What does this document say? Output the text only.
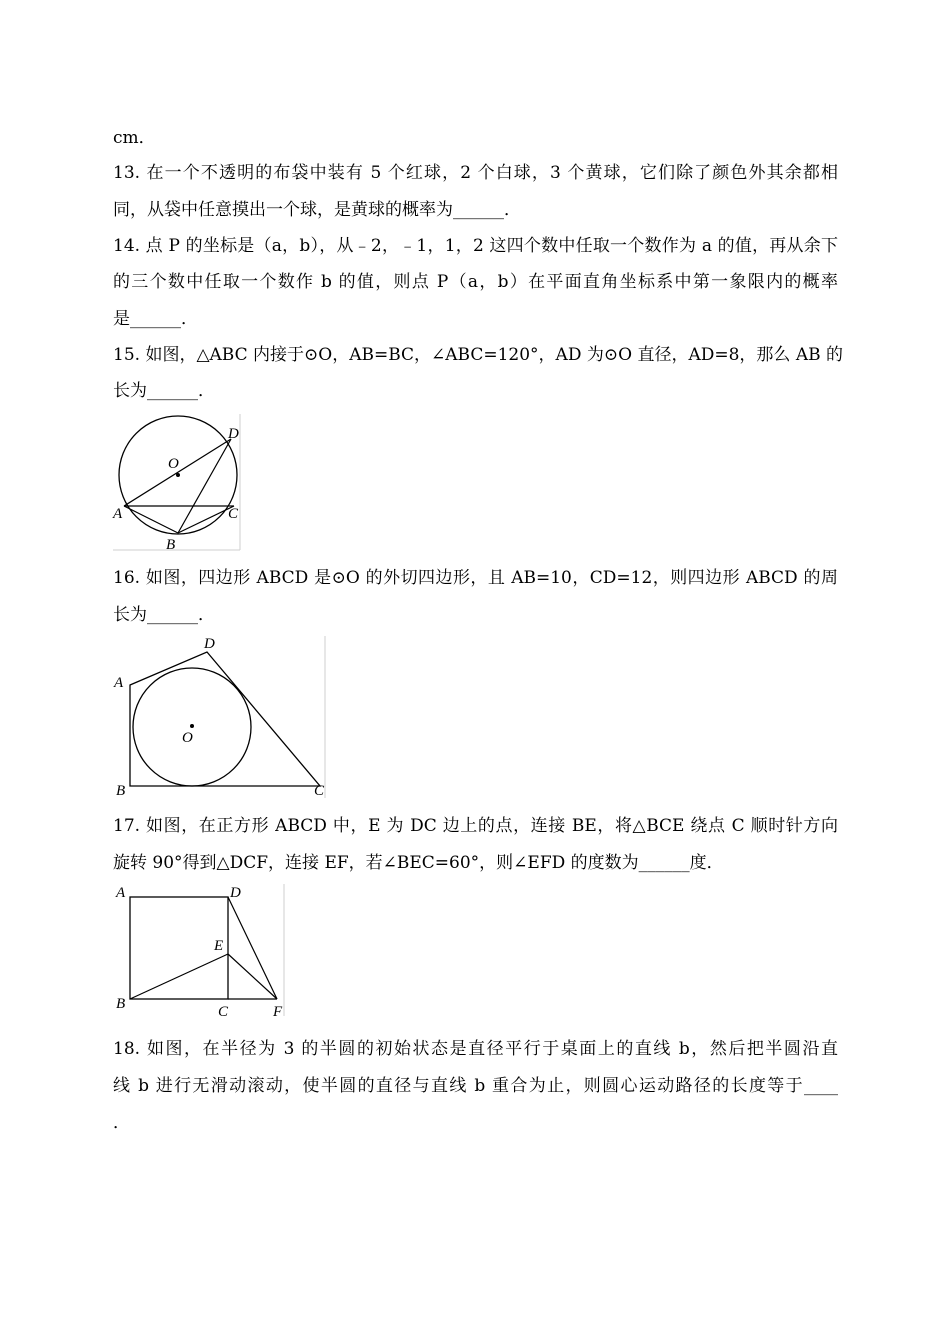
cm．
13. 在一个不透明的布袋中装有 5 个红球，2 个白球，3 个黄球，它们除了颜色外其余都相
同，从袋中任意摸出一个球，是黄球的概率为______．
14. 点 P 的坐标是（a，b），从﹣2，﹣1，1，2 这四个数中任取一个数作为 a 的值，再从余下
的三个数中任取一个数作 b 的值，则点 P（a，b）在平面直角坐标系中第一象限内的概率
是______．
15. 如图，△ABC 内接于⊙O，AB=BC，∠ABC=120°，AD 为⊙O 直径，AD=8，那么 AB 的
长为______．
O
D
A	C
B
16. 如图，四边形 ABCD 是⊙O 的外切四边形，且 AB=10，CD=12，则四边形 ABCD 的周
长为______．
A
D
O
B	C
17. 如图，在正方形 ABCD 中，E 为 DC 边上的点，连接 BE，将△BCE 绕点 C 顺时针方向
旋转 90°得到△DCF，连接 EF，若∠BEC=60°，则∠EFD 的度数为______度．
A	D
E
B	C	F
18. 如图，在半径为 3 的半圆的初始状态是直径平行于桌面上的直线 b，然后把半圆沿直
线 b 进行无滑动滚动，使半圆的直径与直线 b 重合为止，则圆心运动路径的长度等于____
．
